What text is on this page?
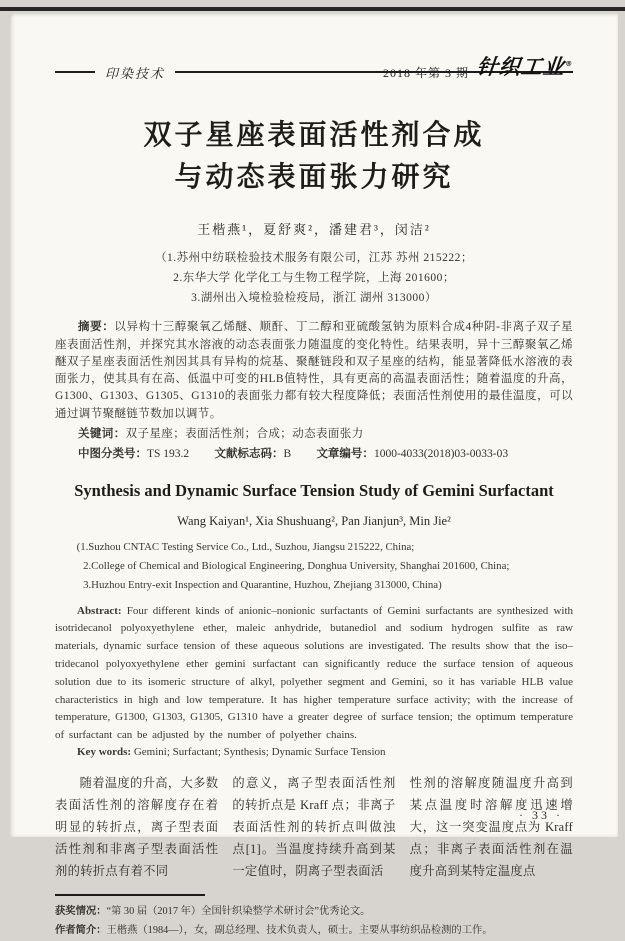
2018 年第 3 期 针织工业®
印染技术
双子星座表面活性剂合成
与动态表面张力研究
王楷燕¹，夏舒爽²，潘建君³，闵洁²
（1.苏州中纺联检验技术服务有限公司，江苏 苏州 215222；
2.东华大学 化学化工与生物工程学院，上海 201600；
3.湖州出入境检验检疫局，浙江 湖州 313000）
摘要：以异构十三醇聚氧乙烯醚、顺酐、丁二醇和亚硫酸氢钠为原料合成4种阴-非离子双子星座表面活性剂，并探究其水溶液的动态表面张力随温度的变化特性。结果表明，异十三醇聚氧乙烯醚双子星座表面活性剂因其具有异构的烷基、聚醚链段和双子星座的结构，能显著降低水溶液的表面张力，使其具有在高、低温中可变的HLB值特性，具有更高的高温表面活性；随着温度的升高，G1300、G1303、G1305、G1310的表面张力都有较大程度降低；表面活性剂使用的最佳温度，可以通过调节聚醚链节数加以调节。
关键词：双子星座；表面活性剂；合成；动态表面张力
中图分类号：TS 193.2 文献标志码：B 文章编号：1000-4033(2018)03-0033-03
Synthesis and Dynamic Surface Tension Study of Gemini Surfactant
Wang Kaiyan¹, Xia Shushuang², Pan Jianjun³, Min Jie²
(1.Suzhou CNTAC Testing Service Co., Ltd., Suzhou, Jiangsu 215222, China;
2.College of Chemical and Biological Engineering, Donghua University, Shanghai 201600, China;
3.Huzhou Entry-exit Inspection and Quarantine, Huzhou, Zhejiang 313000, China)
Abstract: Four different kinds of anionic–nonionic surfactants of Gemini surfactants are synthesized with isotridecanol polyoxyethylene ether, maleic anhydride, butanediol and sodium hydrogen sulfite as raw materials, dynamic surface tension of these aqueous solutions are investigated. The results show that the iso–tridecanol polyoxyethylene ether gemini surfactant can significantly reduce the surface tension of aqueous solution due to its isomeric structure of alkyl, polyether segment and Gemini, so it has variable HLB value characteristics in high and low temperature. It has higher temperature surface activity; with the increase of temperature, G1300, G1303, G1305, G1310 have a greater degree of surface tension; the optimum temperature of surfactant can be adjusted by the number of polyether chains.
Key words: Gemini; Surfactant; Synthesis; Dynamic Surface Tension
随着温度的升高，大多数表面活性剂的溶解度存在着明显的转折点，离子型表面活性剂和非离子型表面活性剂的转折点有着不同
的意义，离子型表面活性剂的转折点是 Kraff 点；非离子表面活性剂的转折点叫做浊点[1]。当温度持续升高到某一定值时，阴离子型表面活
性剂的溶解度随温度升高到某点温度时溶解度迅速增大，这一突变温度点为 Kraff 点；非离子表面活性剂在温度升高到某特定温度点
获奖情况：“第 30 届（2017 年）全国针织染整学术研讨会”优秀论文。
作者简介：王楷燕（1984—），女，副总经理、技术负责人，硕士。主要从事纺织品检测的工作。
· 33 ·
